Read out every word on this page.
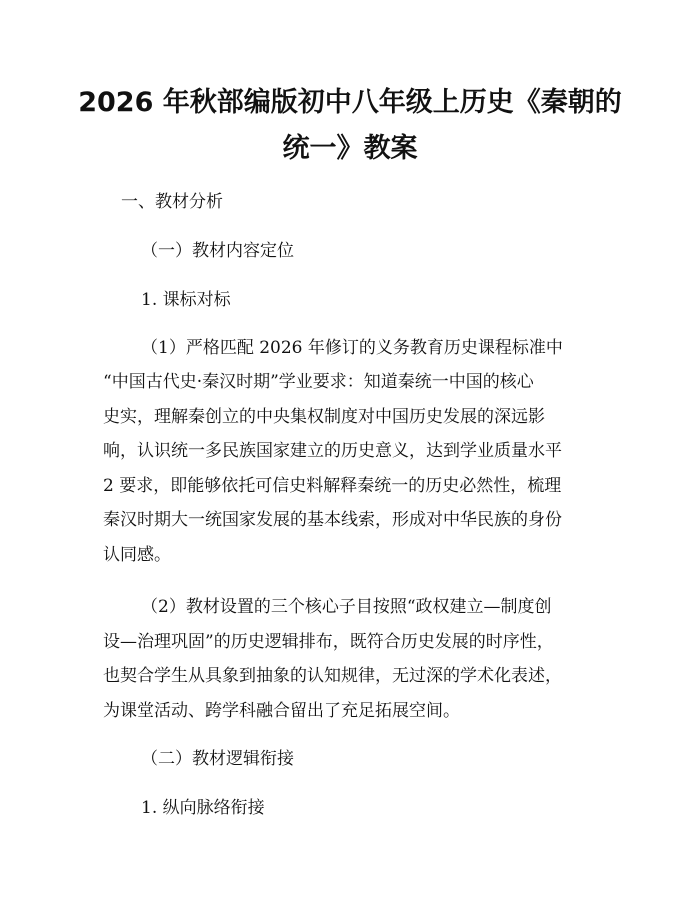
2026 年秋部编版初中八年级上历史《秦朝的
统一》教案

一、教材分析

（一）教材内容定位

1. 课标对标

（1）严格匹配 2026 年修订的义务教育历史课程标准中

“中国古代史·秦汉时期”学业要求：知道秦统一中国的核心

史实，理解秦创立的中央集权制度对中国历史发展的深远影

响，认识统一多民族国家建立的历史意义，达到学业质量水平

2 要求，即能够依托可信史料解释秦统一的历史必然性，梳理

秦汉时期大一统国家发展的基本线索，形成对中华民族的身份

认同感。

（2）教材设置的三个核心子目按照“政权建立—制度创

设—治理巩固”的历史逻辑排布，既符合历史发展的时序性，

也契合学生从具象到抽象的认知规律，无过深的学术化表述，

为课堂活动、跨学科融合留出了充足拓展空间。

（二）教材逻辑衔接

1. 纵向脉络衔接
